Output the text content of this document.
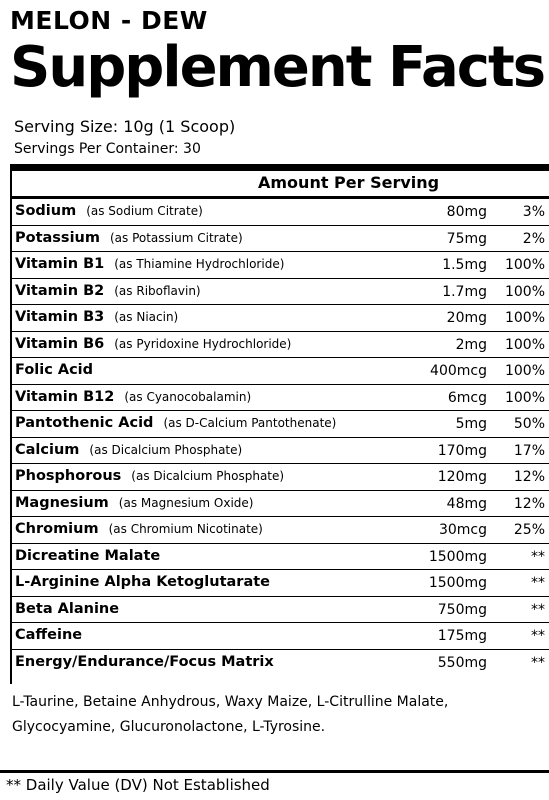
MELON - DEW
Supplement Facts
Serving Size: 10g (1 Scoop)
Servings Per Container: 30
Amount Per Serving
Sodium (as Sodium Citrate)	80mg	3%
Potassium (as Potassium Citrate)	75mg	2%
Vitamin B1 (as Thiamine Hydrochloride)	1.5mg 100%
Vitamin B2 (as Riboflavin)	1.7mg 100%
Vitamin B3 (as Niacin)	20mg 100%
Vitamin B6 (as Pyridoxine Hydrochloride)	2mg 100%
Folic Acid	400mcg 100%
Vitamin B12 (as Cyanocobalamin)	6mcg 100%
Pantothenic Acid (as D-Calcium Pantothenate)	5mg 50%
Calcium (as Dicalcium Phosphate)	170mg 17%
Phosphorous (as Dicalcium Phosphate)	120mg 12%
Magnesium (as Magnesium Oxide)	48mg 12%
Chromium (as Chromium Nicotinate)	30mcg 25%
Dicreatine Malate	1500mg	**
L-Arginine Alpha Ketoglutarate	1500mg	**
Beta Alanine	750mg	**
Caffeine	175mg	**
Energy/Endurance/Focus Matrix	550mg	**
L-Taurine, Betaine Anhydrous, Waxy Maize, L-Citrulline Malate, Glycocyamine, Glucuronolactone, L-Tyrosine.
** Daily Value (DV) Not Established
